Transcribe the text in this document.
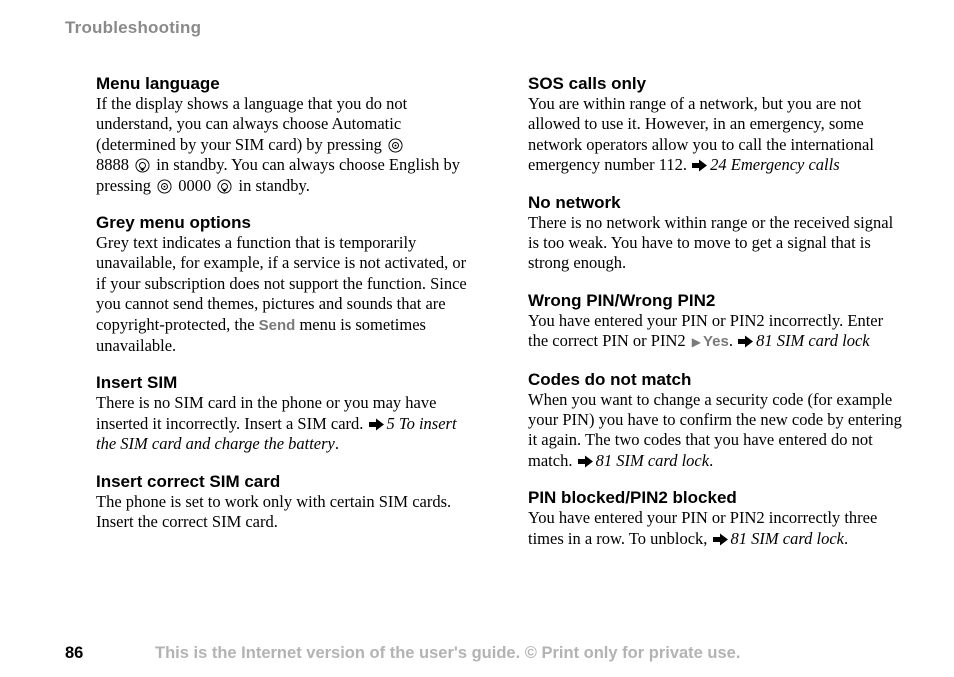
Troubleshooting
Menu language

If the display shows a language that you do not understand, you can always choose Automatic (determined by your SIM card) by pressing
8888 in standby. You can always choose English by pressing 0000 in standby.

Grey menu options

Grey text indicates a function that is temporarily unavailable, for example, if a service is not activated, or if your subscription does not support the function. Since you cannot send themes, pictures and sounds that are copyright-protected, the Send menu is sometimes unavailable.

Insert SIM

There is no SIM card in the phone or you may have inserted it incorrectly. Insert a SIM card. 5 To insert the SIM card and charge the battery.

Insert correct SIM card

The phone is set to work only with certain SIM cards. Insert the correct SIM card.

SOS calls only

You are within range of a network, but you are not allowed to use it. However, in an emergency, some network operators allow you to call the international emergency number 112. 24 Emergency calls

No network

There is no network within range or the received signal is too weak. You have to move to get a signal that is strong enough.

Wrong PIN/Wrong PIN2

You have entered your PIN or PIN2 incorrectly. Enter the correct PIN or PIN2 ▶ Yes. 81 SIM card lock

Codes do not match

When you want to change a security code (for example your PIN) you have to confirm the new code by entering it again. The two codes that you have entered do not match. 81 SIM card lock.

PIN blocked/PIN2 blocked

You have entered your PIN or PIN2 incorrectly three times in a row. To unblock, 81 SIM card lock.

86	This is the Internet version of the user's guide. © Print only for private use.
